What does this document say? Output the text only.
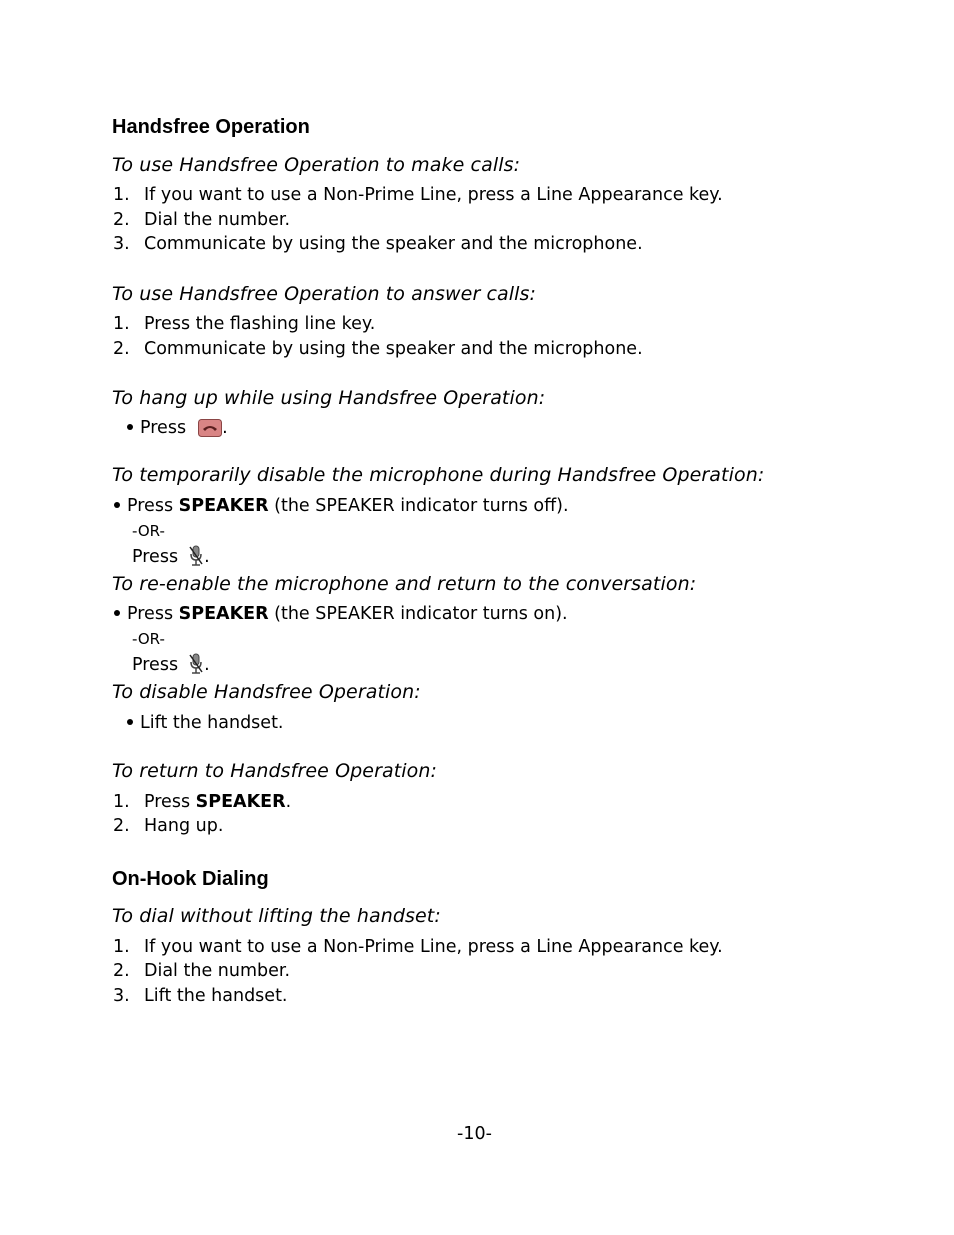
Handsfree Operation
To use Handsfree Operation to make calls:
1. If you want to use a Non-Prime Line, press a Line Appearance key.
2. Dial the number.
3. Communicate by using the speaker and the microphone.
To use Handsfree Operation to answer calls:
1. Press the flashing line key.
2. Communicate by using the speaker and the microphone.
To hang up while using Handsfree Operation:
Press .
To temporarily disable the microphone during Handsfree Operation:
Press SPEAKER (the SPEAKER indicator turns off).
-OR-
Press .
To re-enable the microphone and return to the conversation:
Press SPEAKER (the SPEAKER indicator turns on).
-OR-
Press .
To disable Handsfree Operation:
Lift the handset.
To return to Handsfree Operation:
1. Press SPEAKER.
2. Hang up.
On-Hook Dialing
To dial without lifting the handset:
1. If you want to use a Non-Prime Line, press a Line Appearance key.
2. Dial the number.
3. Lift the handset.
-10-
